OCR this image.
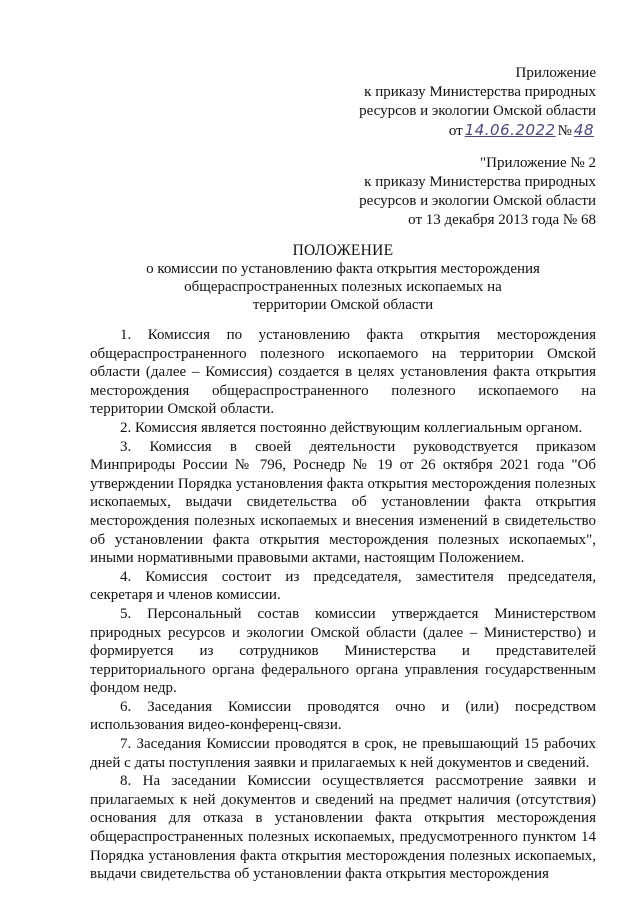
Приложение
к приказу Министерства природных
ресурсов и экологии Омской области
от 14.06.2022 № 48
"Приложение № 2
к приказу Министерства природных
ресурсов и экологии Омской области
от 13 декабря 2013 года № 68
ПОЛОЖЕНИЕ
о комиссии по установлению факта открытия месторождения
общераспространенных полезных ископаемых на
территории Омской области

1. Комиссия по установлению факта открытия месторождения общераспространенного полезного ископаемого на территории Омской области (далее – Комиссия) создается в целях установления факта открытия месторождения общераспространенного полезного ископаемого на территории Омской области.

2. Комиссия является постоянно действующим коллегиальным органом.

3. Комиссия в своей деятельности руководствуется приказом Минприроды России № 796, Роснедр № 19 от 26 октября 2021 года "Об утверждении Порядка установления факта открытия месторождения полезных ископаемых, выдачи свидетельства об установлении факта открытия месторождения полезных ископаемых и внесения изменений в свидетельство об установлении факта открытия месторождения полезных ископаемых", иными нормативными правовыми актами, настоящим Положением.

4. Комиссия состоит из председателя, заместителя председателя, секретаря и членов комиссии.

5. Персональный состав комиссии утверждается Министерством природных ресурсов и экологии Омской области (далее – Министерство) и формируется из сотрудников Министерства и представителей территориального органа федерального органа управления государственным фондом недр.

6. Заседания Комиссии проводятся очно и (или) посредством использования видео-конференц-связи.

7. Заседания Комиссии проводятся в срок, не превышающий 15 рабочих дней с даты поступления заявки и прилагаемых к ней документов и сведений.

8. На заседании Комиссии осуществляется рассмотрение заявки и прилагаемых к ней документов и сведений на предмет наличия (отсутствия) основания для отказа в установлении факта открытия месторождения общераспространенных полезных ископаемых, предусмотренного пунктом 14 Порядка установления факта открытия месторождения полезных ископаемых, выдачи свидетельства об установлении факта открытия месторождения
